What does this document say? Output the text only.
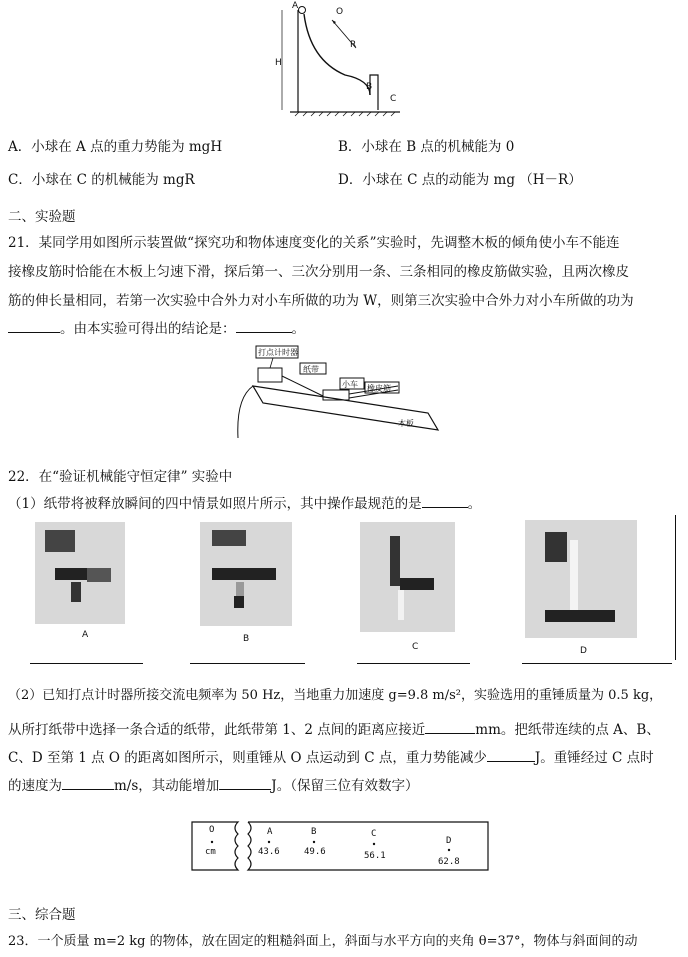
A
O
R
H
B
C
A．小球在 A 点的重力势能为 mgH	B．小球在 B 点的机械能为 0
C．小球在 C 的机械能为 mgR	D．小球在 C 点的动能为 mg （H－R）
二、实验题
21．某同学用如图所示装置做“探究功和物体速度变化的关系”实验时，先调整木板的倾角使小车不能连
接橡皮筋时恰能在木板上匀速下滑，探后第一、三次分别用一条、三条相同的橡皮筋做实验，且两次橡皮
筋的伸长量相同，若第一次实验中合外力对小车所做的功为 W，则第三次实验中合外力对小车所做的功为
。由本实验可得出的结论是：	。
打点计时器
纸带
小车 橡皮筋
木板
22．在“验证机械能守恒定律” 实验中
（1）纸带将被释放瞬间的四中情景如照片所示，其中操作最规范的是	。
A	B
C	D
（2）已知打点计时器所接交流电频率为 50 Hz，当地重力加速度 g=9.8 m/s²，实验选用的重锤质量为 0.5 kg，
从所打纸带中选择一条合适的纸带，此纸带第 1、2 点间的距离应接近	mm。把纸带连续的点 A、B、
C、D 至第 1 点 O 的距离如图所示，则重锤从 O 点运动到 C 点，重力势能减少	J。重锤经过 C 点时
的速度为	m/s，其动能增加	J。（保留三位有效数字）
O
cm
A
43.6
B
49.6
C
56.1
D
62.8
三、综合题
23．一个质量 m=2 kg 的物体，放在固定的粗糙斜面上，斜面与水平方向的夹角 θ=37°，物体与斜面间的动
